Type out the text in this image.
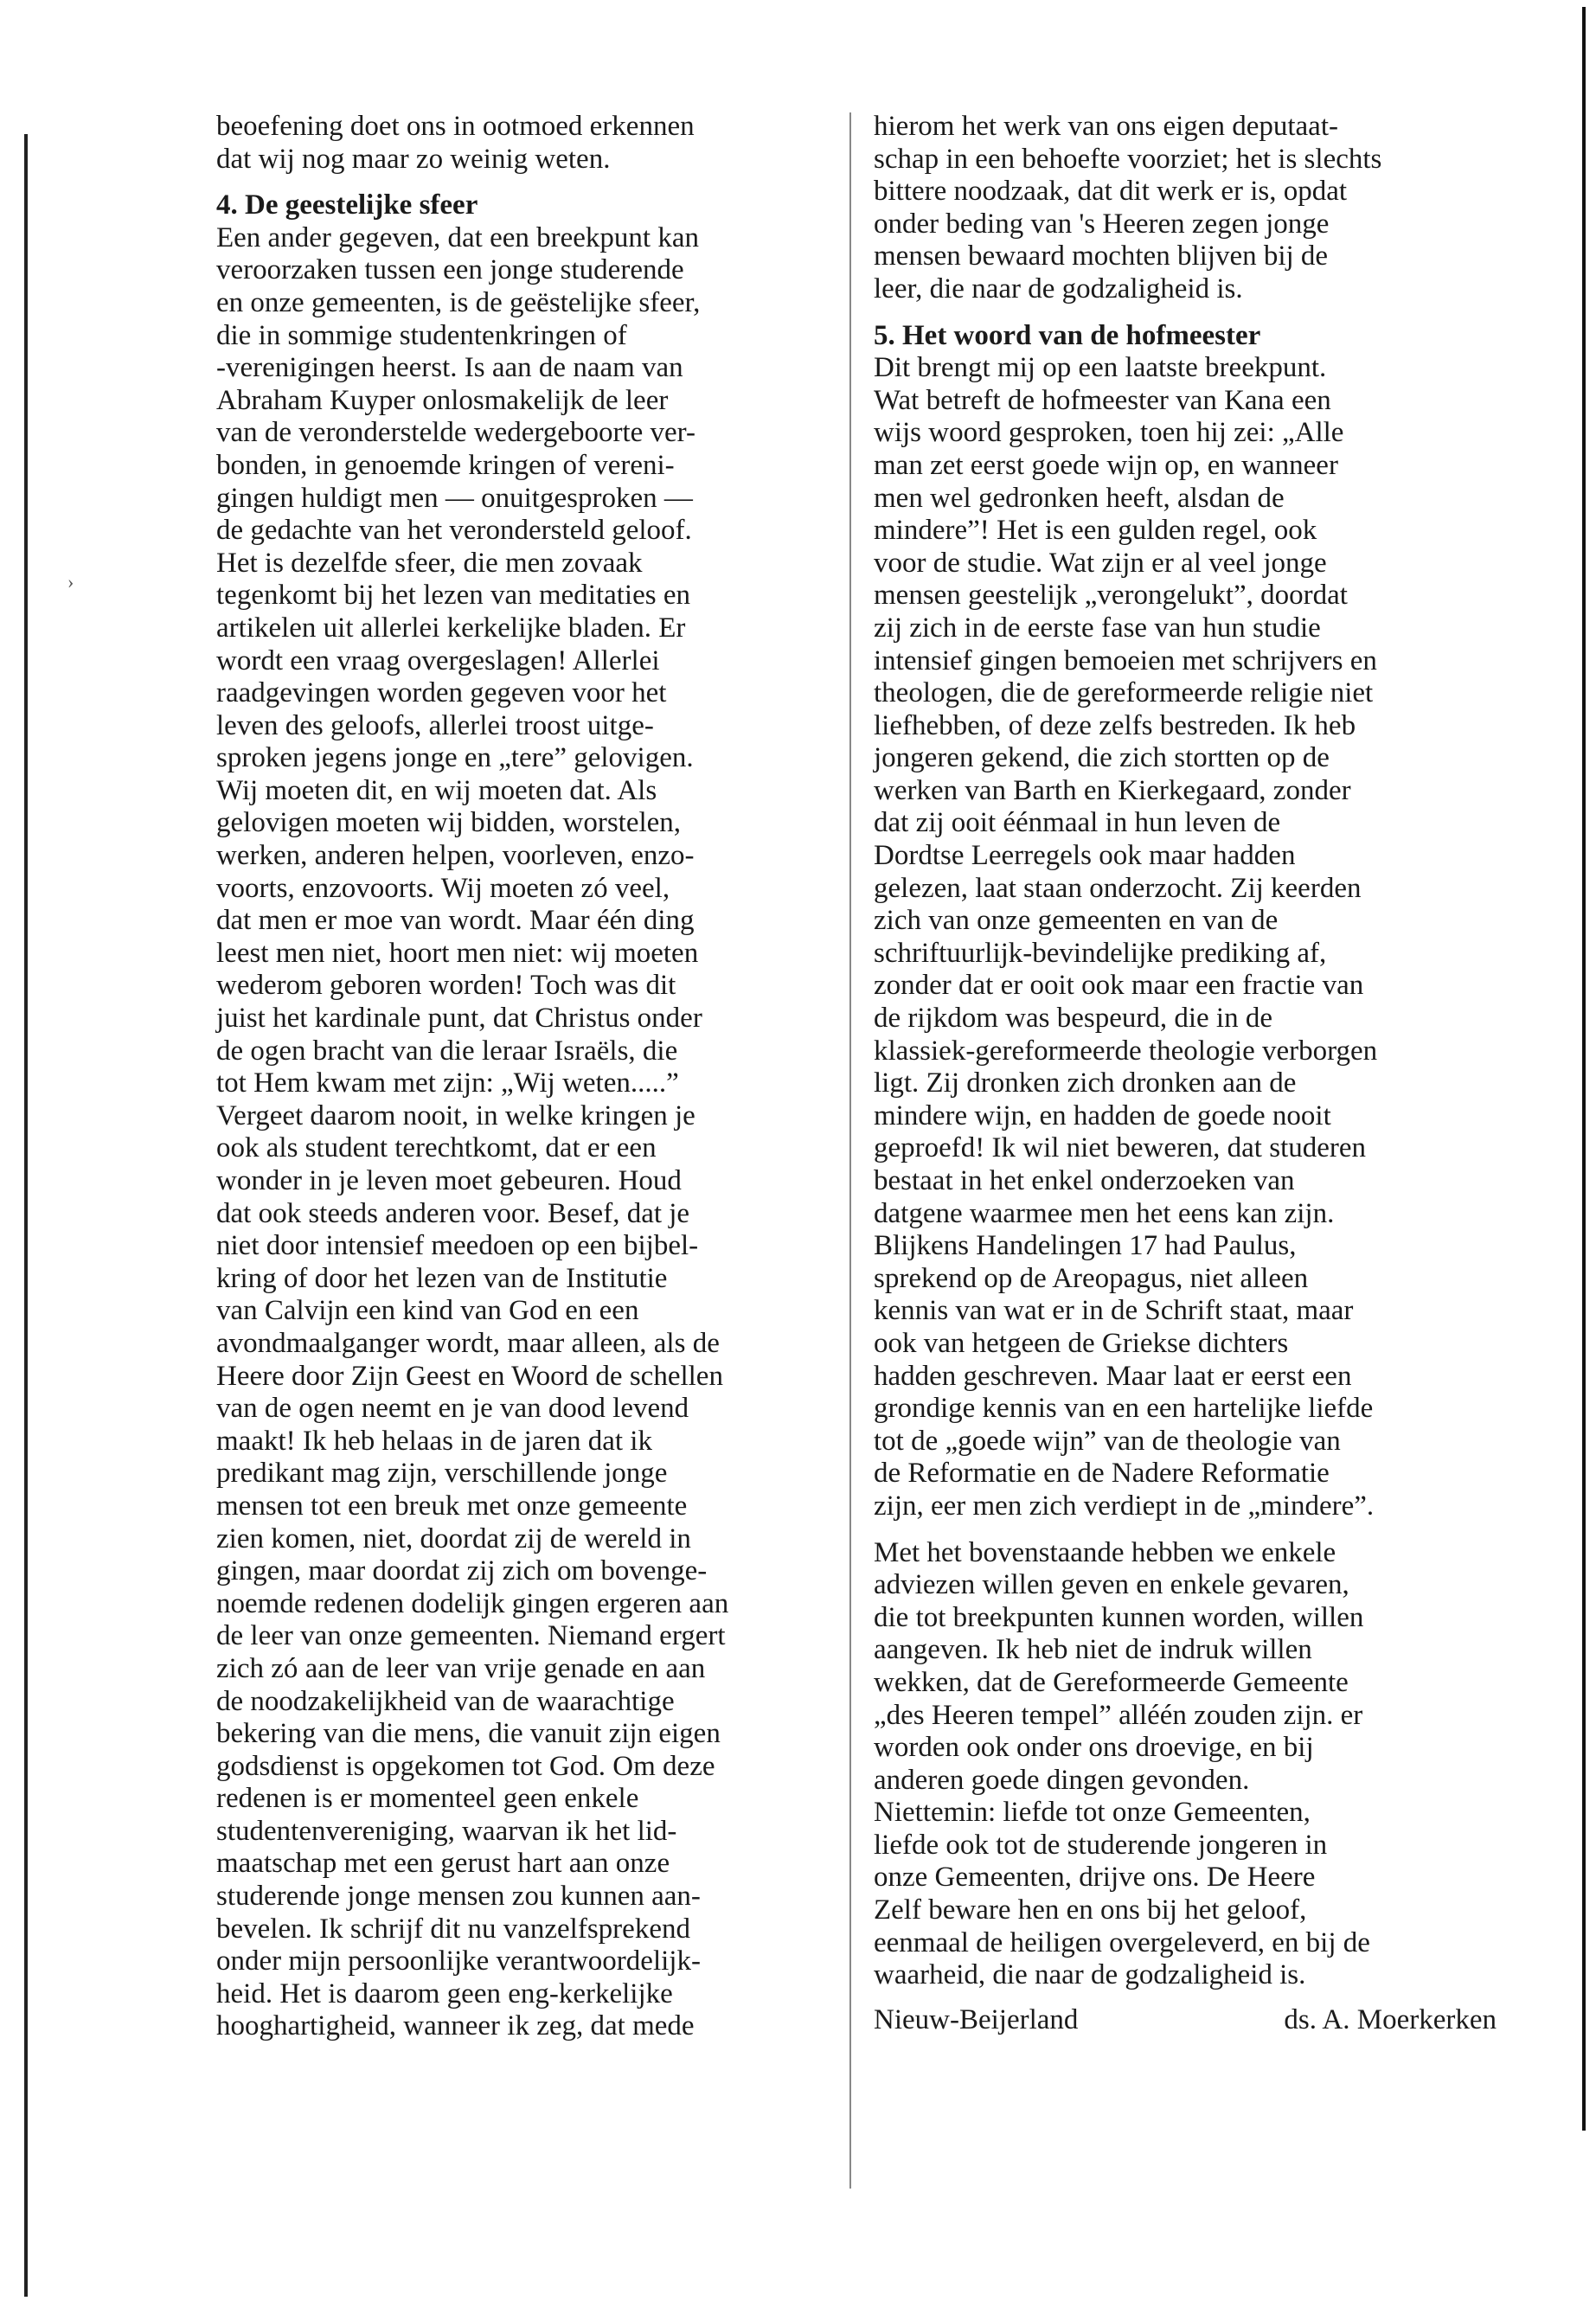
›
beoefening doet ons in ootmoed erkennen
dat wij nog maar zo weinig weten.
4. De geestelijke sfeer
Een ander gegeven, dat een breekpunt kan
veroorzaken tussen een jonge studerende
en onze gemeenten, is de geëstelijke sfeer,
die in sommige studentenkringen of
-verenigingen heerst. Is aan de naam van
Abraham Kuyper onlosmakelijk de leer
van de veronderstelde wedergeboorte ver-
bonden, in genoemde kringen of vereni-
gingen huldigt men — onuitgesproken —
de gedachte van het verondersteld geloof.
Het is dezelfde sfeer, die men zovaak
tegenkomt bij het lezen van meditaties en
artikelen uit allerlei kerkelijke bladen. Er
wordt een vraag overgeslagen! Allerlei
raadgevingen worden gegeven voor het
leven des geloofs, allerlei troost uitge-
sproken jegens jonge en „tere” gelovigen.
Wij moeten dit, en wij moeten dat. Als
gelovigen moeten wij bidden, worstelen,
werken, anderen helpen, voorleven, enzo-
voorts, enzovoorts. Wij moeten zó veel,
dat men er moe van wordt. Maar één ding
leest men niet, hoort men niet: wij moeten
wederom geboren worden! Toch was dit
juist het kardinale punt, dat Christus onder
de ogen bracht van die leraar Israëls, die
tot Hem kwam met zijn: „Wij weten.....”
Vergeet daarom nooit, in welke kringen je
ook als student terechtkomt, dat er een
wonder in je leven moet gebeuren. Houd
dat ook steeds anderen voor. Besef, dat je
niet door intensief meedoen op een bijbel-
kring of door het lezen van de Institutie
van Calvijn een kind van God en een
avondmaalganger wordt, maar alleen, als de
Heere door Zijn Geest en Woord de schellen
van de ogen neemt en je van dood levend
maakt! Ik heb helaas in de jaren dat ik
predikant mag zijn, verschillende jonge
mensen tot een breuk met onze gemeente
zien komen, niet, doordat zij de wereld in
gingen, maar doordat zij zich om bovenge-
noemde redenen dodelijk gingen ergeren aan
de leer van onze gemeenten. Niemand ergert
zich zó aan de leer van vrije genade en aan
de noodzakelijkheid van de waarachtige
bekering van die mens, die vanuit zijn eigen
godsdienst is opgekomen tot God. Om deze
redenen is er momenteel geen enkele
studentenvereniging, waarvan ik het lid-
maatschap met een gerust hart aan onze
studerende jonge mensen zou kunnen aan-
bevelen. Ik schrijf dit nu vanzelfsprekend
onder mijn persoonlijke verantwoordelijk-
heid. Het is daarom geen eng-kerkelijke
hooghartigheid, wanneer ik zeg, dat mede
hierom het werk van ons eigen deputaat-
schap in een behoefte voorziet; het is slechts
bittere noodzaak, dat dit werk er is, opdat
onder beding van 's Heeren zegen jonge
mensen bewaard mochten blijven bij de
leer, die naar de godzaligheid is.
5. Het woord van de hofmeester
Dit brengt mij op een laatste breekpunt.
Wat betreft de hofmeester van Kana een
wijs woord gesproken, toen hij zei: „Alle
man zet eerst goede wijn op, en wanneer
men wel gedronken heeft, alsdan de
mindere”! Het is een gulden regel, ook
voor de studie. Wat zijn er al veel jonge
mensen geestelijk „verongelukt”, doordat
zij zich in de eerste fase van hun studie
intensief gingen bemoeien met schrijvers en
theologen, die de gereformeerde religie niet
liefhebben, of deze zelfs bestreden. Ik heb
jongeren gekend, die zich stortten op de
werken van Barth en Kierkegaard, zonder
dat zij ooit éénmaal in hun leven de
Dordtse Leerregels ook maar hadden
gelezen, laat staan onderzocht. Zij keerden
zich van onze gemeenten en van de
schriftuurlijk-bevindelijke prediking af,
zonder dat er ooit ook maar een fractie van
de rijkdom was bespeurd, die in de
klassiek-gereformeerde theologie verborgen
ligt. Zij dronken zich dronken aan de
mindere wijn, en hadden de goede nooit
geproefd! Ik wil niet beweren, dat studeren
bestaat in het enkel onderzoeken van
datgene waarmee men het eens kan zijn.
Blijkens Handelingen 17 had Paulus,
sprekend op de Areopagus, niet alleen
kennis van wat er in de Schrift staat, maar
ook van hetgeen de Griekse dichters
hadden geschreven. Maar laat er eerst een
grondige kennis van en een hartelijke liefde
tot de „goede wijn” van de theologie van
de Reformatie en de Nadere Reformatie
zijn, eer men zich verdiept in de „mindere”.
Met het bovenstaande hebben we enkele
adviezen willen geven en enkele gevaren,
die tot breekpunten kunnen worden, willen
aangeven. Ik heb niet de indruk willen
wekken, dat de Gereformeerde Gemeente
„des Heeren tempel” alléén zouden zijn. er
worden ook onder ons droevige, en bij
anderen goede dingen gevonden.
Niettemin: liefde tot onze Gemeenten,
liefde ook tot de studerende jongeren in
onze Gemeenten, drijve ons. De Heere
Zelf beware hen en ons bij het geloof,
eenmaal de heiligen overgeleverd, en bij de
waarheid, die naar de godzaligheid is.
Nieuw-Beijerland	ds. A. Moerkerken
